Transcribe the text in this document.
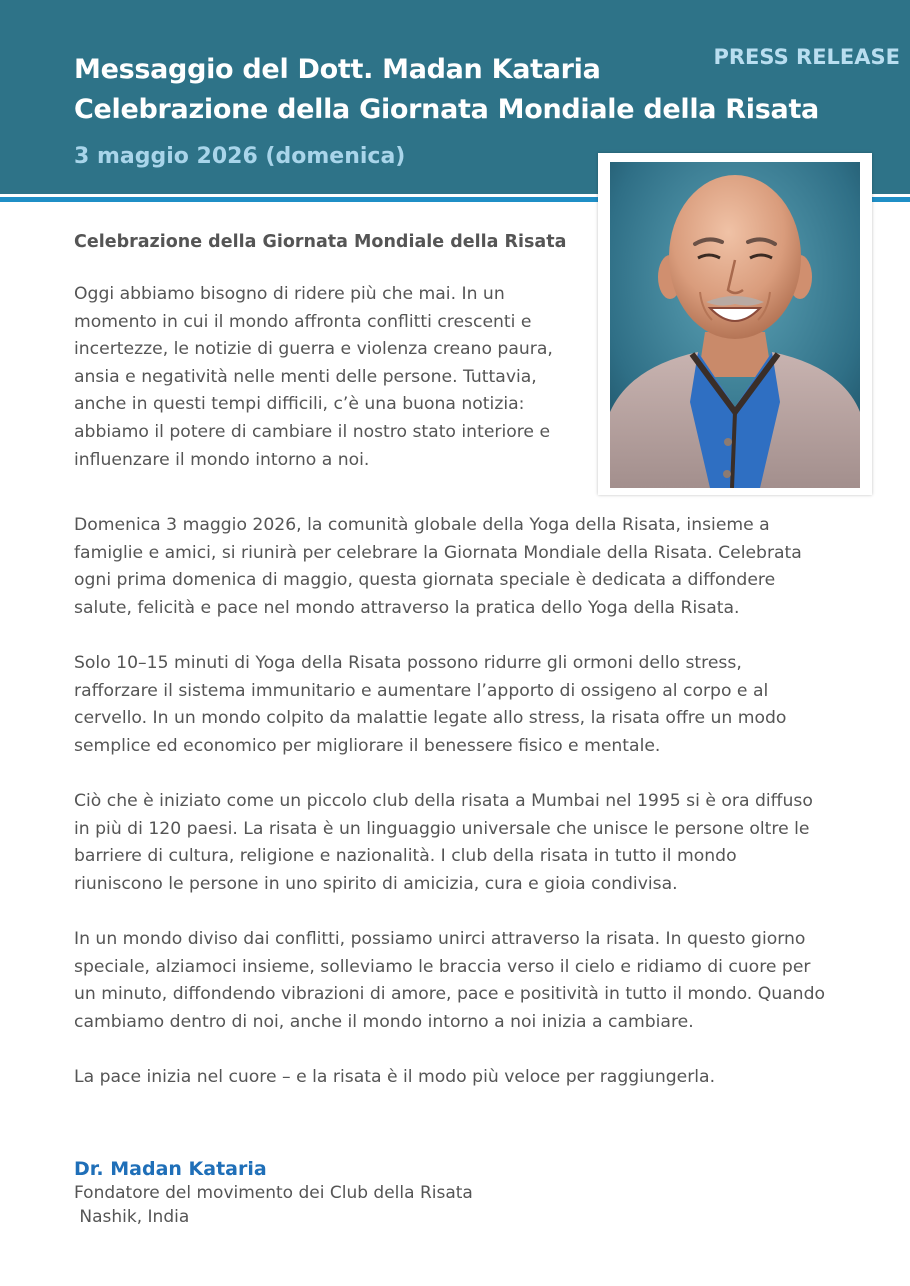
Messaggio del Dott. Madan Kataria
Celebrazione della Giornata Mondiale della Risata
PRESS RELEASE
3 maggio 2026 (domenica)
Celebrazione della Giornata Mondiale della Risata
Oggi abbiamo bisogno di ridere più che mai. In un
momento in cui il mondo affronta conflitti crescenti e
incertezze, le notizie di guerra e violenza creano paura,
ansia e negatività nelle menti delle persone. Tuttavia,
anche in questi tempi difficili, c’è una buona notizia:
abbiamo il potere di cambiare il nostro stato interiore e
influenzare il mondo intorno a noi.
Domenica 3 maggio 2026, la comunità globale della Yoga della Risata, insieme a
famiglie e amici, si riunirà per celebrare la Giornata Mondiale della Risata. Celebrata
ogni prima domenica di maggio, questa giornata speciale è dedicata a diffondere
salute, felicità e pace nel mondo attraverso la pratica dello Yoga della Risata.
Solo 10–15 minuti di Yoga della Risata possono ridurre gli ormoni dello stress,
rafforzare il sistema immunitario e aumentare l’apporto di ossigeno al corpo e al
cervello. In un mondo colpito da malattie legate allo stress, la risata offre un modo
semplice ed economico per migliorare il benessere fisico e mentale.
Ciò che è iniziato come un piccolo club della risata a Mumbai nel 1995 si è ora diffuso
in più di 120 paesi. La risata è un linguaggio universale che unisce le persone oltre le
barriere di cultura, religione e nazionalità. I club della risata in tutto il mondo
riuniscono le persone in uno spirito di amicizia, cura e gioia condivisa.
In un mondo diviso dai conflitti, possiamo unirci attraverso la risata. In questo giorno
speciale, alziamoci insieme, solleviamo le braccia verso il cielo e ridiamo di cuore per
un minuto, diffondendo vibrazioni di amore, pace e positività in tutto il mondo. Quando
cambiamo dentro di noi, anche il mondo intorno a noi inizia a cambiare.
La pace inizia nel cuore – e la risata è il modo più veloce per raggiungerla.
Dr. Madan Kataria
Fondatore del movimento dei Club della Risata
Nashik, India
